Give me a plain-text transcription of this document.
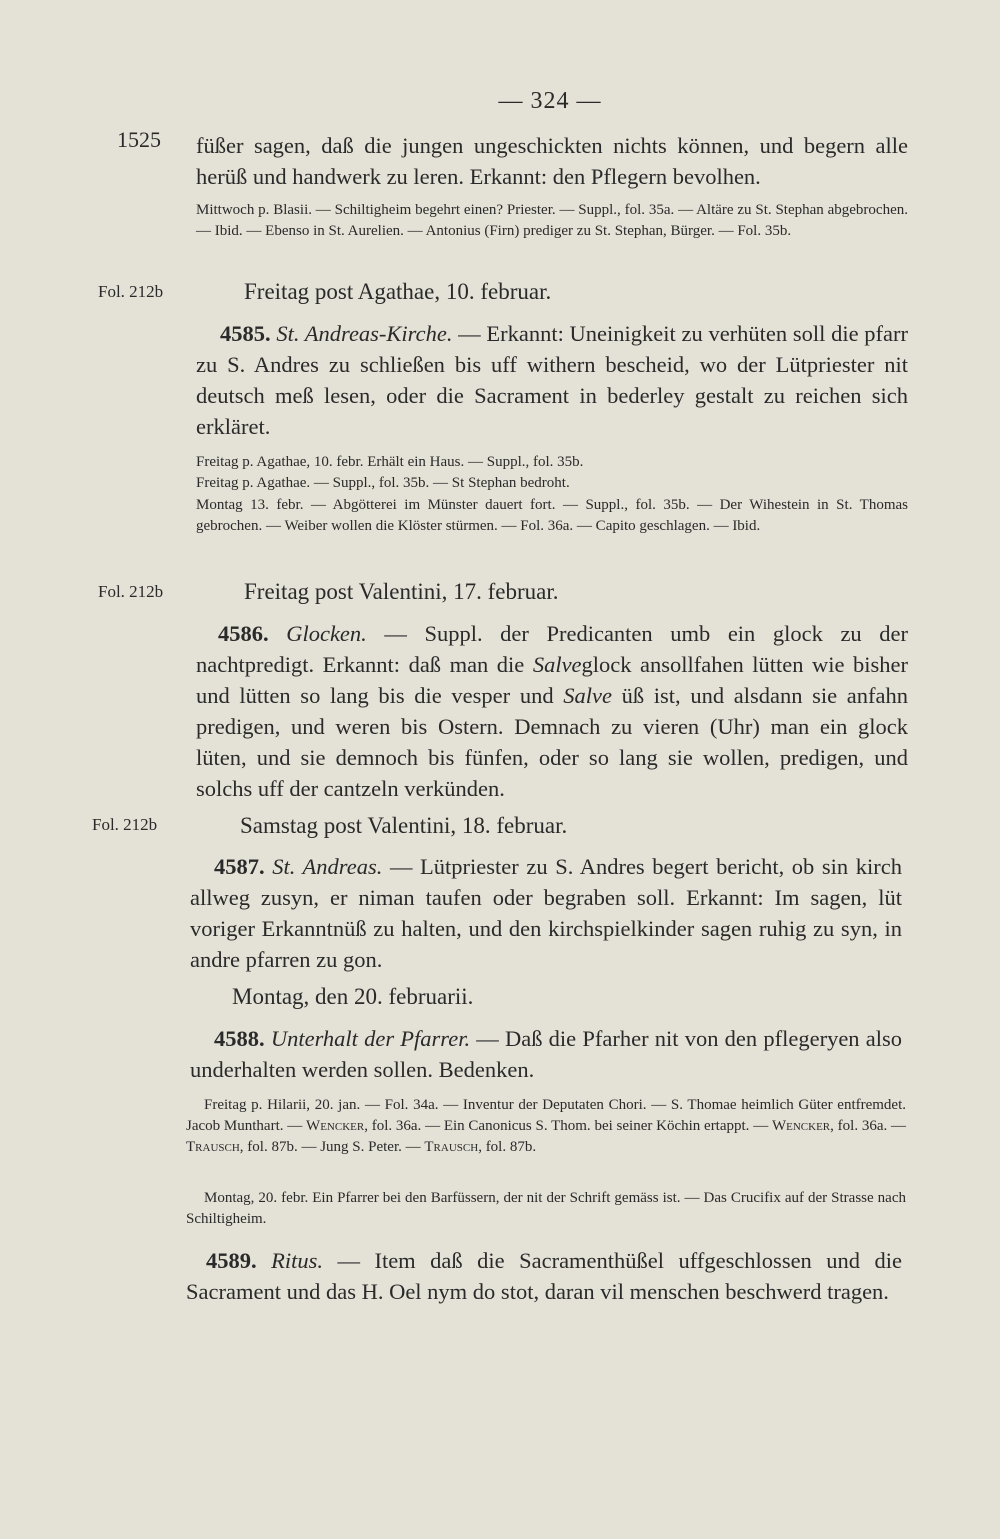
— 324 —
1525 füßer sagen, daß die jungen ungeschickten nichts können, und begern alle herüß und handwerk zu leren. Erkannt: den Pflegern bevolhen.

Mittwoch p. Blasii. — Schiltigheim begehrt einen? Priester. — Suppl., fol. 35a. — Altäre zu St. Stephan abgebrochen. — Ibid. — Ebenso in St. Aurelien. — Antonius (Firn) prediger zu St. Stephan, Bürger. — Fol. 35b.

Fol. 212b	Freitag post Agathae, 10. februar.

4585. St. Andreas-Kirche. — Erkannt: Uneinigkeit zu verhüten soll die pfarr zu S. Andres zu schließen bis uff withern bescheid, wo der Lütpriester nit deutsch meß lesen, oder die Sacrament in bederley gestalt zu reichen sich erkläret.

Freitag p. Agathae, 10. febr. Erhält ein Haus. — Suppl., fol. 35b.

Freitag p. Agathae. — Suppl., fol. 35b. — St Stephan bedroht.

Montag 13. febr. — Abgötterei im Münster dauert fort. — Suppl., fol. 35b. — Der Wihestein in St. Thomas gebrochen. — Weiber wollen die Klöster stürmen. — Fol. 36a. — Capito geschlagen. — Ibid.

Fol. 212b	Freitag post Valentini, 17. februar.

4586. Glocken. — Suppl. der Predicanten umb ein glock zu der nachtpredigt. Erkannt: daß man die Salveglock ansollfahen lütten wie bisher und lütten so lang bis die vesper und Salve üß ist, und alsdann sie anfahn predigen, und weren bis Ostern. Demnach zu vieren (Uhr) man ein glock lüten, und sie demnoch bis fünfen, oder so lang sie wollen, predigen, und solchs uff der cantzeln verkünden.

Fol. 212b	Samstag post Valentini, 18. februar.

4587. St. Andreas. — Lütpriester zu S. Andres begert bericht, ob sin kirch allweg zusyn, er niman taufen oder begraben soll. Erkannt: Im sagen, lüt voriger Erkanntnüß zu halten, und den kirchspielkinder sagen ruhig zu syn, in andre pfarren zu gon.

Montag, den 20. februarii.

4588. Unterhalt der Pfarrer. — Daß die Pfarher nit von den pflegeryen also underhalten werden sollen. Bedenken.

Freitag p. Hilarii, 20. jan. — Fol. 34a. — Inventur der Deputaten Chori. — S. Thomae heimlich Güter entfremdet. Jacob Munthart. — Wencker, fol. 36a. — Ein Canonicus S. Thom. bei seiner Köchin ertappt. — Wencker, fol. 36a. — Trausch, fol. 87b. — Jung S. Peter. — Trausch, fol. 87b.

Montag, 20. febr. Ein Pfarrer bei den Barfüssern, der nit der Schrift gemäss ist. — Das Crucifix auf der Strasse nach Schiltigheim.

4589. Ritus. — Item daß die Sacramenthüßel uffgeschlossen und die Sacrament und das H. Oel nym do stot, daran vil menschen beschwerd tragen.
